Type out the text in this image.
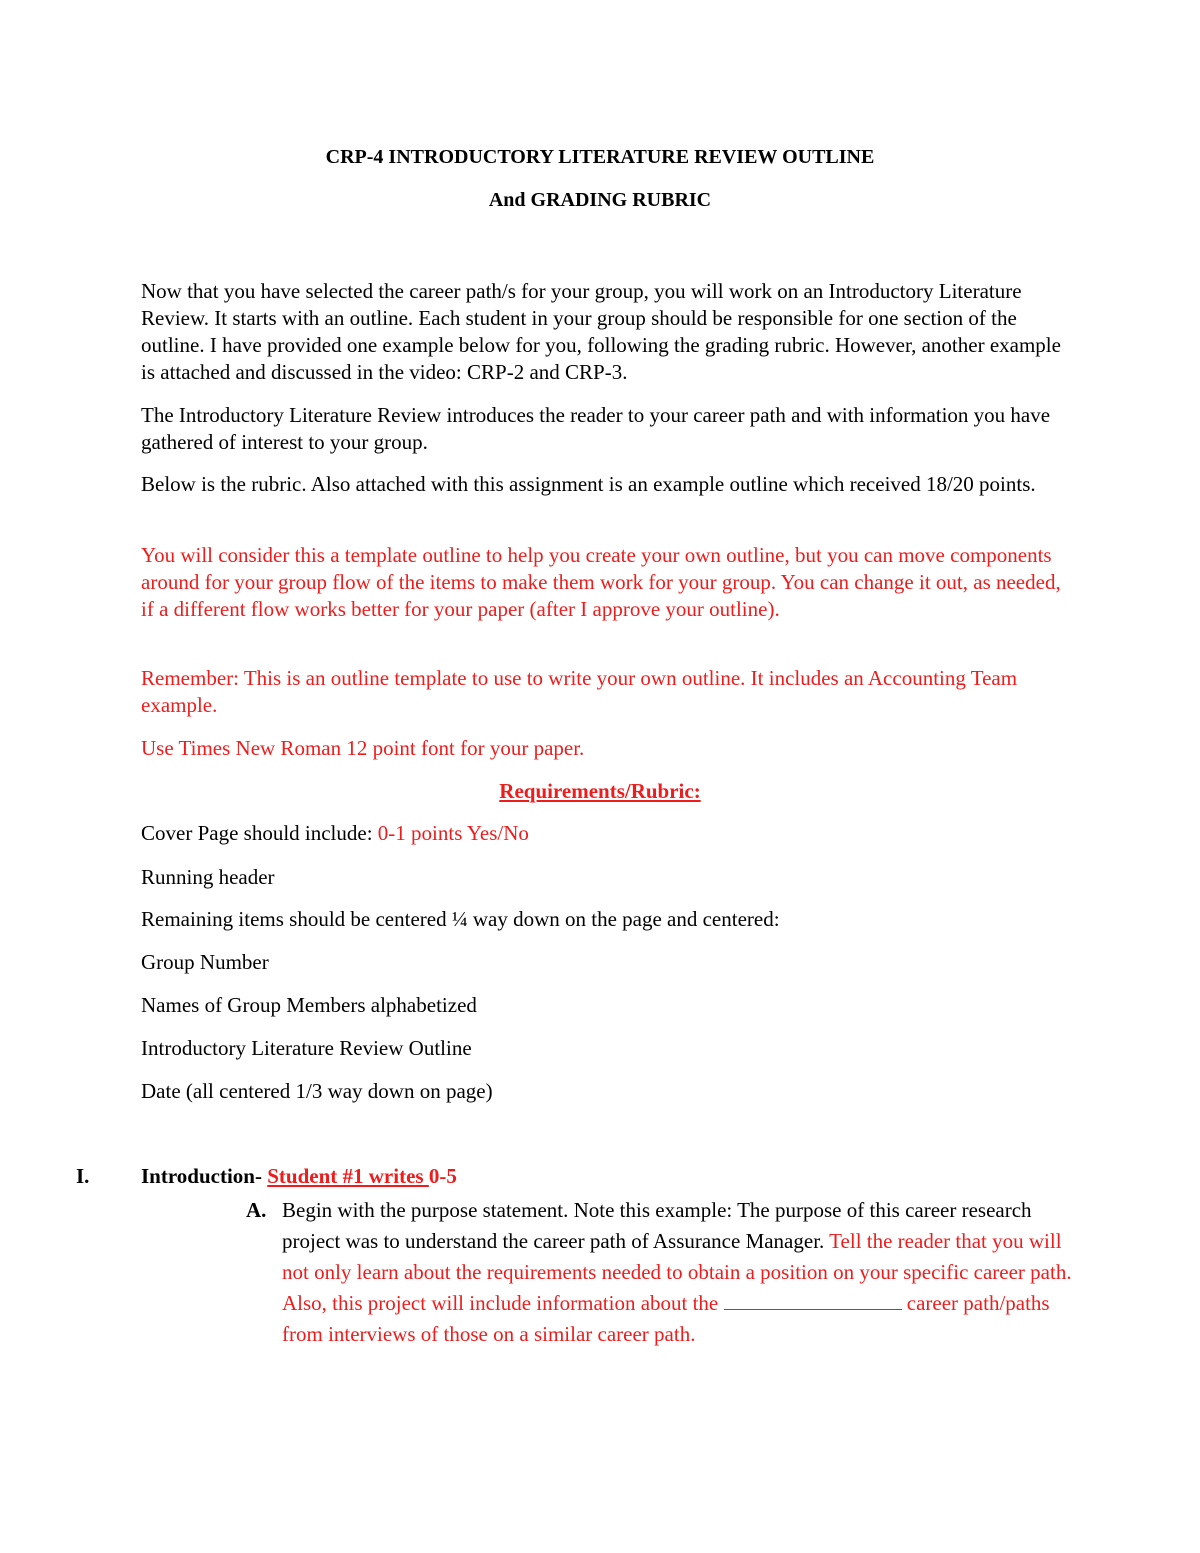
CRP-4 INTRODUCTORY LITERATURE REVIEW OUTLINE

And GRADING RUBRIC

Now that you have selected the career path/s for your group, you will work on an Introductory Literature Review. It starts with an outline. Each student in your group should be responsible for one section of the outline. I have provided one example below for you, following the grading rubric. However, another example is attached and discussed in the video: CRP-2 and CRP-3.

The Introductory Literature Review introduces the reader to your career path and with information you have gathered of interest to your group.

Below is the rubric. Also attached with this assignment is an example outline which received 18/20 points.

You will consider this a template outline to help you create your own outline, but you can move components around for your group flow of the items to make them work for your group. You can change it out, as needed, if a different flow works better for your paper (after I approve your outline).

Remember: This is an outline template to use to write your own outline. It includes an Accounting Team example.

Use Times New Roman 12 point font for your paper.

Requirements/Rubric:

Cover Page should include: 0-1 points Yes/No

Running header

Remaining items should be centered ¼ way down on the page and centered:

Group Number

Names of Group Members alphabetized

Introductory Literature Review Outline

Date (all centered 1/3 way down on page)

I. Introduction- Student #1 writes 0-5

A. Begin with the purpose statement. Note this example: The purpose of this career research project was to understand the career path of Assurance Manager. Tell the reader that you will not only learn about the requirements needed to obtain a position on your specific career path. Also, this project will include information about the	career path/paths from interviews of those on a similar career path.
